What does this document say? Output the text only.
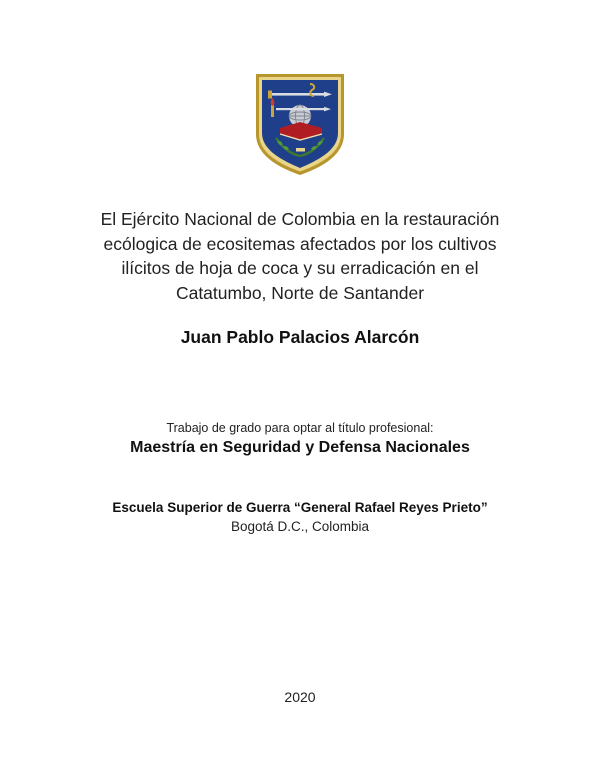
El Ejército Nacional de Colombia en la restauración
ecólogica de ecositemas afectados por los cultivos
ilícitos de hoja de coca y su erradicación en el
Catatumbo, Norte de Santander
Juan Pablo Palacios Alarcón
Trabajo de grado para optar al título profesional:
Maestría en Seguridad y Defensa Nacionales
Escuela Superior de Guerra “General Rafael Reyes Prieto”
Bogotá D.C., Colombia
2020
